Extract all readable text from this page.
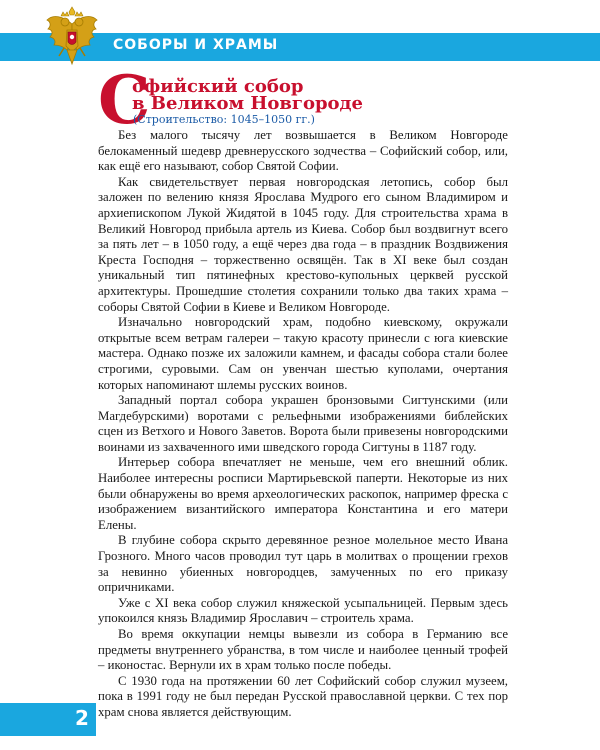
СОБОРЫ И ХРАМЫ
С
офийский собор
в Великом Новгороде
(Строительство: 1045–1050 гг.)

Без малого тысячу лет возвышается в Великом Новгороде белокаменный шедевр древнерусского зодчества – Софийский собор, или, как ещё его называют, собор Святой Софии.

Как свидетельствует первая новгородская летопись, собор был заложен по велению князя Ярослава Мудрого его сыном Владимиром и архиепископом Лукой Жидятой в 1045 году. Для строительства храма в Великий Новгород прибыла артель из Киева. Собор был воздвигнут всего за пять лет – в 1050 году, а ещё через два года – в праздник Воздвижения Креста Господня – торжественно освящён. Так в XI веке был создан уникальный тип пятинефных крестово-купольных церквей русской архитектуры. Прошедшие столетия сохранили только два таких храма – соборы Святой Софии в Киеве и Великом Новгороде.

Изначально новгородский храм, подобно киевскому, окружали открытые всем ветрам галереи – такую красоту принесли с юга киевские мастера. Однако позже их заложили камнем, и фасады собора стали более строгими, суровыми. Сам он увенчан шестью куполами, очертания которых напоминают шлемы русских воинов.

Западный портал собора украшен бронзовыми Сигтунскими (или Магдебурскими) воротами с рельефными изображениями библейских сцен из Ветхого и Нового Заветов. Ворота были привезены новгородскими воинами из захваченного ими шведского города Сигтуны в 1187 году.

Интерьер собора впечатляет не меньше, чем его внешний облик. Наиболее интересны росписи Мартирьевской паперти. Некоторые из них были обнаружены во время археологических раскопок, например фреска с изображением византийского императора Константина и его матери Елены.

В глубине собора скрыто деревянное резное молельное место Ивана Грозного. Много часов проводил тут царь в молитвах о прощении грехов за невинно убиенных новгородцев, замученных по его приказу опричниками.

Уже с XI века собор служил княжеской усыпальницей. Первым здесь упокоился князь Владимир Ярославич – строитель храма.

Во время оккупации немцы вывезли из собора в Германию все предметы внутреннего убранства, в том числе и наиболее ценный трофей – иконостас. Вернули их в храм только после победы.

С 1930 года на протяжении 60 лет Софийский собор служил музеем, пока в 1991 году не был передан Русской православной церкви. С тех пор храм снова является действующим.

2
